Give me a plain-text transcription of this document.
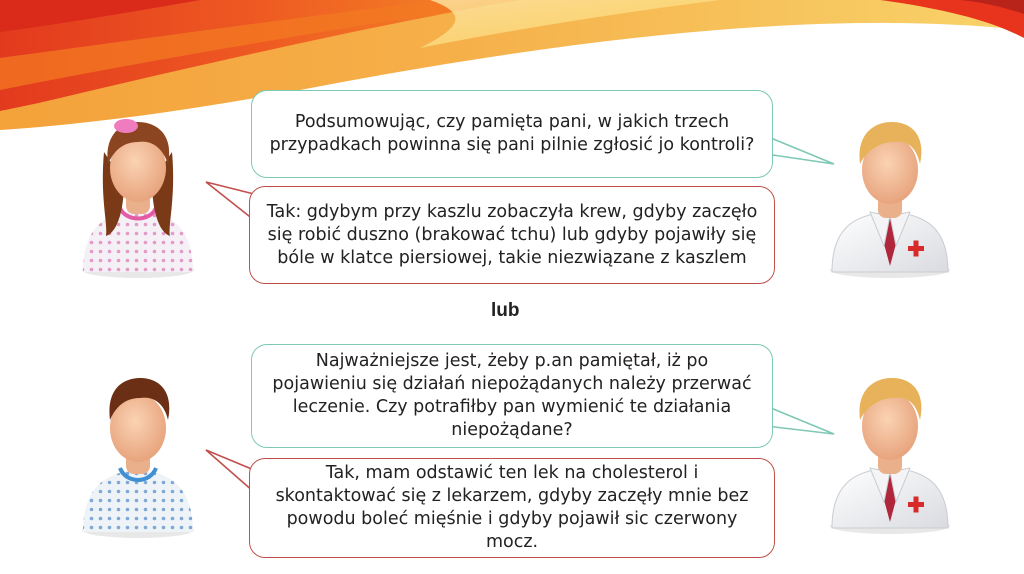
Podsumowując, czy pamięta pani, w jakich trzech przypadkach powinna się pani pilnie zgłosić jo kontroli?
Tak: gdybym przy kaszlu zobaczyła krew, gdyby zaczęło się robić duszno (brakować tchu) lub gdyby pojawiły się bóle w klatce piersiowej, takie niezwiązane z kaszlem
lub
Najważniejsze jest, żeby p.an pamiętał, iż po pojawieniu się działań niepożądanych należy przerwać leczenie. Czy potrafiłby pan wymienić te działania niepożądane?
Tak, mam odstawić ten lek na cholesterol i skontaktować się z lekarzem, gdyby zaczęły mnie bez powodu boleć mięśnie i gdyby pojawił sic czerwony mocz.
